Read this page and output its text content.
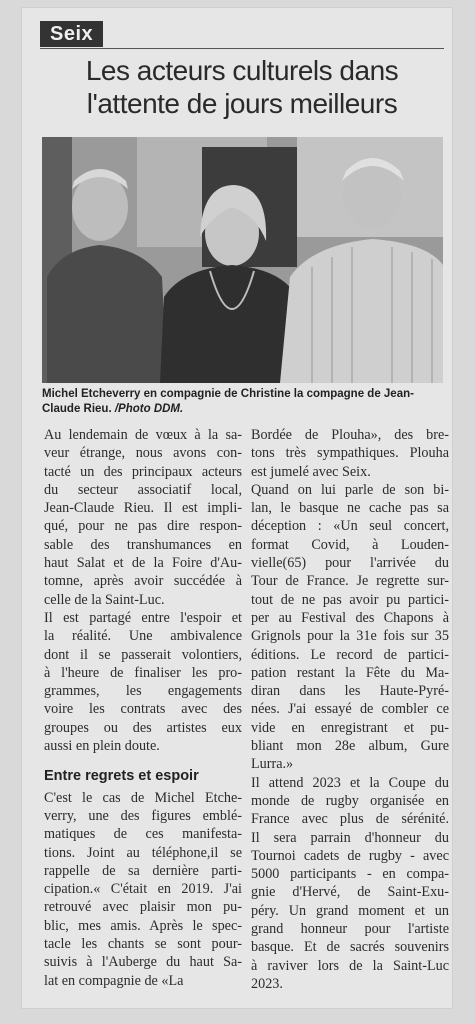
Seix
Les acteurs culturels dans
l'attente de jours meilleurs
Michel Etcheverry en compagnie de Christine la compagne de Jean-
Claude Rieu. /Photo DDM.

Au lendemain de vœux à la sa-
veur étrange, nous avons con-
tacté un des principaux acteurs
du secteur associatif local,
Jean-Claude Rieu. Il est impli-
qué, pour ne pas dire respon-
sable des transhumances en
haut Salat et de la Foire d'Au-
tomne, après avoir succédée à
celle de la Saint-Luc.

Il est partagé entre l'espoir et
la réalité. Une ambivalence
dont il se passerait volontiers,
à l'heure de finaliser les pro-
grammes, les engagements
voire les contrats avec des
groupes ou des artistes eux
aussi en plein doute.

Entre regrets et espoir

C'est le cas de Michel Etche-
verry, une des figures emblé-
matiques de ces manifesta-
tions. Joint au téléphone,il se
rappelle de sa dernière parti-
cipation.« C'était en 2019. J'ai
retrouvé avec plaisir mon pu-
blic, mes amis. Après le spec-
tacle les chants se sont pour-
suivis à l'Auberge du haut Sa-
lat en compagnie de «La

Bordée de Plouha», des bre-
tons très sympathiques. Plouha
est jumelé avec Seix.

Quand on lui parle de son bi-
lan, le basque ne cache pas sa
déception : «Un seul concert,
format Covid, à Louden-
vielle(65) pour l'arrivée du
Tour de France. Je regrette sur-
tout de ne pas avoir pu partici-
per au Festival des Chapons à
Grignols pour la 31e fois sur 35
éditions. Le record de partici-
pation restant la Fête du Ma-
diran dans les Haute-Pyré-
nées. J'ai essayé de combler ce
vide en enregistrant et pu-
bliant mon 28e album, Gure
Lurra.»

Il attend 2023 et la Coupe du
monde de rugby organisée en
France avec plus de sérénité.
Il sera parrain d'honneur du
Tournoi cadets de rugby - avec
5000 participants - en compa-
gnie d'Hervé, de Saint-Exu-
péry. Un grand moment et un
grand honneur pour l'artiste
basque. Et de sacrés souvenirs
à raviver lors de la Saint-Luc
2023.
